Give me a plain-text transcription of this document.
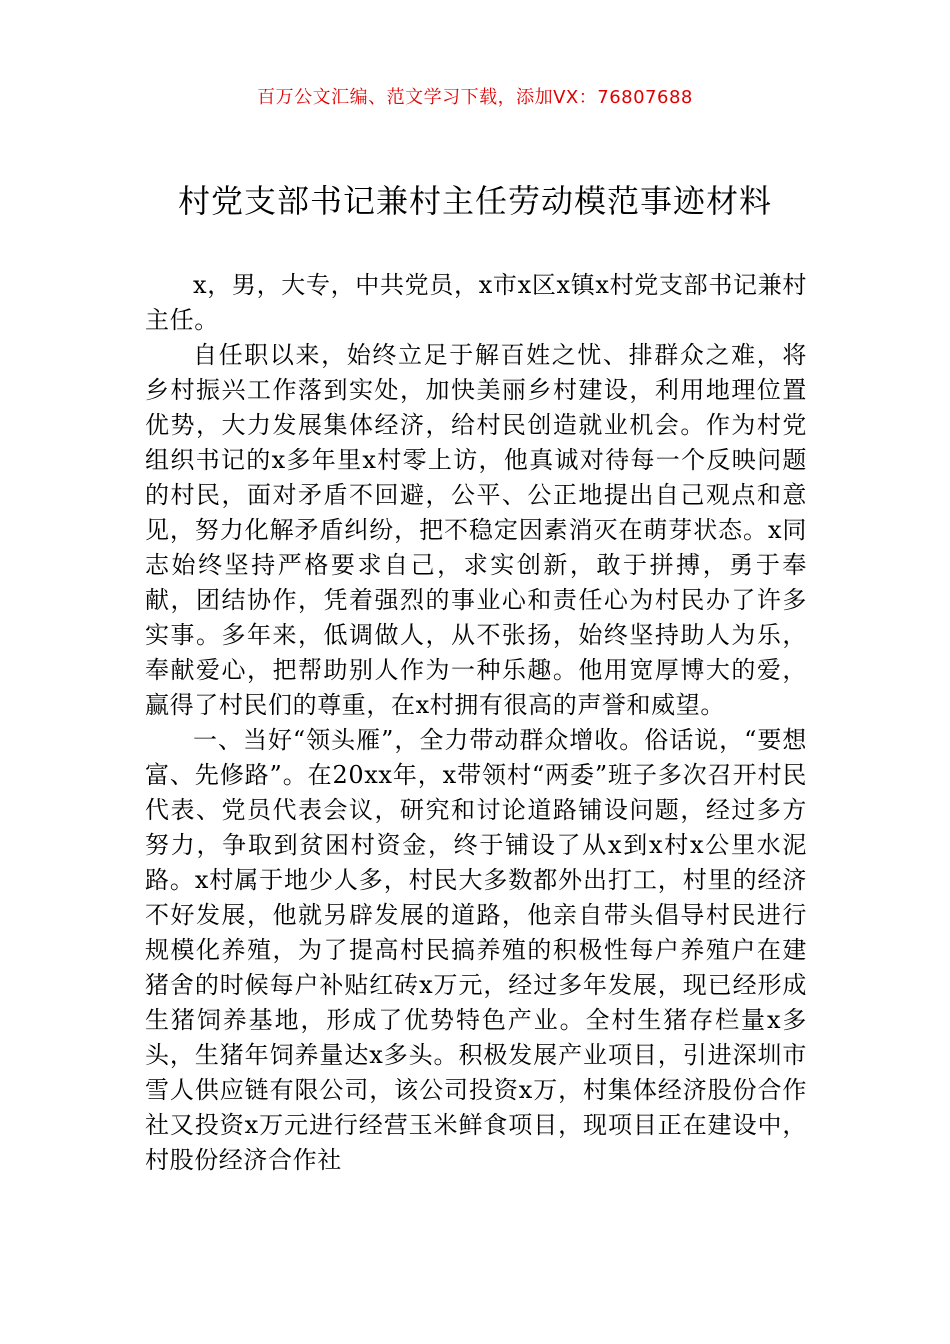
百万公文汇编、范文学习下载，添加VX：76807688
村党支部书记兼村主任劳动模范事迹材料

x，男，大专，中共党员，x市x区x镇x村党支部书记兼村主任。

自任职以来，始终立足于解百姓之忧、排群众之难，将乡村振兴工作落到实处，加快美丽乡村建设，利用地理位置优势，大力发展集体经济，给村民创造就业机会。作为村党组织书记的x多年里x村零上访，他真诚对待每一个反映问题的村民，面对矛盾不回避，公平、公正地提出自己观点和意见，努力化解矛盾纠纷，把不稳定因素消灭在萌芽状态。x同志始终坚持严格要求自己，求实创新，敢于拼搏，勇于奉献，团结协作，凭着强烈的事业心和责任心为村民办了许多实事。多年来，低调做人，从不张扬，始终坚持助人为乐，奉献爱心，把帮助别人作为一种乐趣。他用宽厚博大的爱，赢得了村民们的尊重，在x村拥有很高的声誉和威望。

一、当好“领头雁”，全力带动群众增收。俗话说，“要想富、先修路”。在20xx年，x带领村“两委”班子多次召开村民代表、党员代表会议，研究和讨论道路铺设问题，经过多方努力，争取到贫困村资金，终于铺设了从x到x村x公里水泥路。x村属于地少人多，村民大多数都外出打工，村里的经济不好发展，他就另辟发展的道路，他亲自带头倡导村民进行规模化养殖，为了提高村民搞养殖的积极性每户养殖户在建猪舍的时候每户补贴红砖x万元，经过多年发展，现已经形成生猪饲养基地，形成了优势特色产业。全村生猪存栏量x多头，生猪年饲养量达x多头。积极发展产业项目，引进深圳市雪人供应链有限公司，该公司投资x万，村集体经济股份合作社又投资x万元进行经营玉米鲜食项目，现项目正在建设中，村股份经济合作社
